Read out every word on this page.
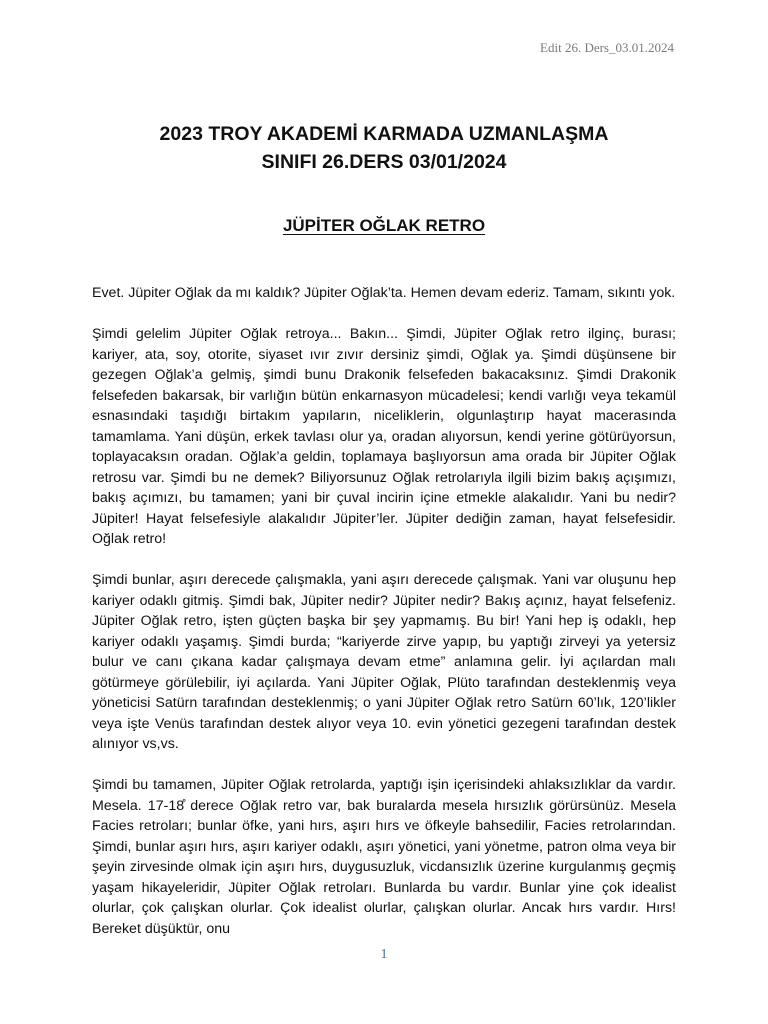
Edit 26. Ders_03.01.2024
2023 TROY AKADEMİ KARMADA UZMANLAŞMA
SINIFI 26.DERS 03/01/2024
JÜPİTER OĞLAK RETRO

Evet. Jüpiter Oğlak da mı kaldık? Jüpiter Oğlak’ta. Hemen devam ederiz. Tamam, sıkıntı yok.

Şimdi gelelim Jüpiter Oğlak retroya... Bakın... Şimdi, Jüpiter Oğlak retro ilginç, burası; kariyer, ata, soy, otorite, siyaset ıvır zıvır dersiniz şimdi, Oğlak ya. Şimdi düşünsene bir gezegen Oğlak’a gelmiş, şimdi bunu Drakonik felsefeden bakacaksınız. Şimdi Drakonik felsefeden bakarsak, bir varlığın bütün enkarnasyon mücadelesi; kendi varlığı veya tekamül esnasındaki taşıdığı birtakım yapıların, niceliklerin, olgunlaştırıp hayat macerasında tamamlama. Yani düşün, erkek tavlası olur ya, oradan alıyorsun, kendi yerine götürüyorsun, toplayacaksın oradan. Oğlak’a geldin, toplamaya başlıyorsun ama orada bir Jüpiter Oğlak retrosu var. Şimdi bu ne demek? Biliyorsunuz Oğlak retrolarıyla ilgili bizim bakış açışımızı, bakış açımızı, bu tamamen; yani bir çuval incirin içine etmekle alakalıdır. Yani bu nedir? Jüpiter! Hayat felsefesiyle alakalıdır Jüpiter’ler. Jüpiter dediğin zaman, hayat felsefesidir. Oğlak retro!

Şimdi bunlar, aşırı derecede çalışmakla, yani aşırı derecede çalışmak. Yani var oluşunu hep kariyer odaklı gitmiş. Şimdi bak, Jüpiter nedir? Jüpiter nedir? Bakış açınız, hayat felsefeniz. Jüpiter Oğlak retro, işten güçten başka bir şey yapmamış. Bu bir! Yani hep iş odaklı, hep kariyer odaklı yaşamış. Şimdi burda; “kariyerde zirve yapıp, bu yaptığı zirveyi ya yetersiz bulur ve canı çıkana kadar çalışmaya devam etme” anlamına gelir. İyi açılardan malı götürmeye görülebilir, iyi açılarda. Yani Jüpiter Oğlak, Plüto tarafından desteklenmiş veya yöneticisi Satürn tarafından desteklenmiş; o yani Jüpiter Oğlak retro Satürn 60’lık, 120’likler veya işte Venüs tarafından destek alıyor veya 10. evin yönetici gezegeni tarafından destek alınıyor vs,vs.

Şimdi bu tamamen, Jüpiter Oğlak retrolarda, yaptığı işin içerisindeki ahlaksızlıklar da vardır. Mesela. 17-18̊ derece Oğlak retro var, bak buralarda mesela hırsızlık görürsünüz. Mesela Facies retroları; bunlar öfke, yani hırs, aşırı hırs ve öfkeyle bahsedilir, Facies retrolarından. Şimdi, bunlar aşırı hırs, aşırı kariyer odaklı, aşırı yönetici, yani yönetme, patron olma veya bir şeyin zirvesinde olmak için aşırı hırs, duygusuzluk, vicdansızlık üzerine kurgulanmış geçmiş yaşam hikayeleridir, Jüpiter Oğlak retroları. Bunlarda bu vardır. Bunlar yine çok idealist olurlar, çok çalışkan olurlar. Çok idealist olurlar, çalışkan olurlar. Ancak hırs vardır. Hırs! Bereket düşüktür, onu

1
